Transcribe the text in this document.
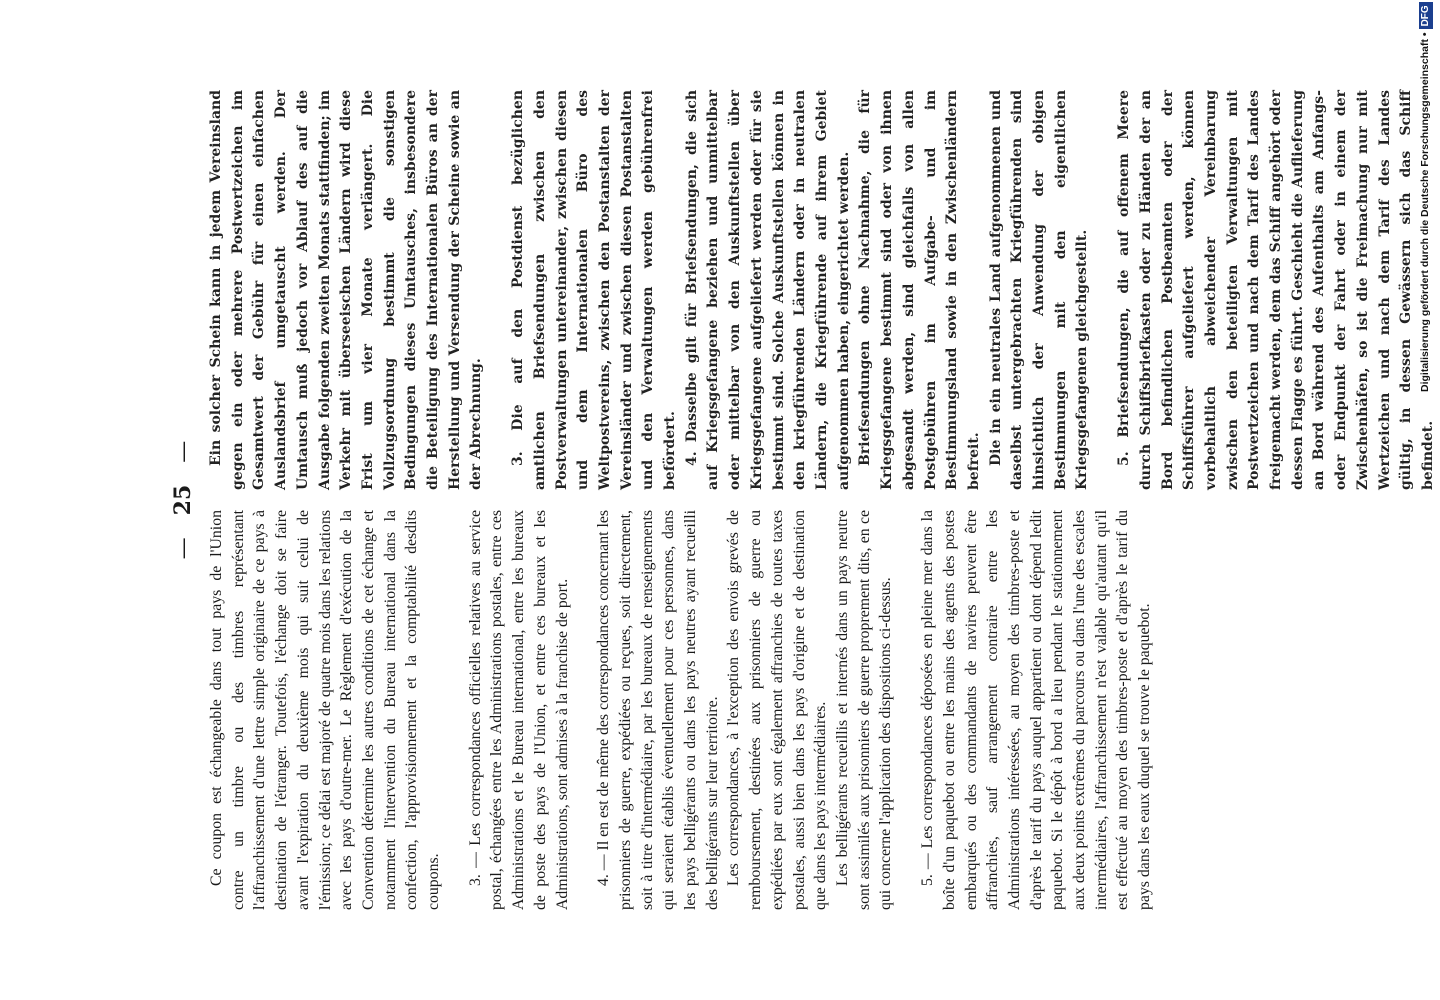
—25—

Ce coupon est échangeable dans tout pays de l'Union contre un timbre ou des timbres représentant l'affranchissement d'une lettre simple originaire de ce pays à destination de l'étranger. Toutefois, l'échange doit se faire avant l'expiration du deuxième mois qui suit celui de l'émission; ce délai est majoré de quatre mois dans les relations avec les pays d'outre-mer. Le Règlement d'exécution de la Convention détermine les autres conditions de cet échange et notamment l'intervention du Bureau international dans la confection, l'approvisionnement et la comptabilité desdits coupons. 3. — Les correspondances officielles relatives au service postal, échangées entre les Administrations postales, entre ces Administrations et le Bureau international, entre les bureaux de poste des pays de l'Union, et entre ces bureaux et les Administrations, sont admises à la franchise de port. 4. — Il en est de même des correspondances concernant les prisonniers de guerre, expédiées ou reçues, soit directement, soit à titre d'intermédiaire, par les bureaux de renseignements qui seraient établis éventuellement pour ces personnes, dans les pays belligérants ou dans les pays neutres ayant recueilli des belligérants sur leur territoire. Les correspondances, à l'exception des envois grevés de remboursement, destinées aux prisonniers de guerre ou expédiées par eux sont également affranchies de toutes taxes postales, aussi bien dans les pays d'origine et de destination que dans les pays intermédiaires. Les belligérants recueillis et internés dans un pays neutre sont assimilés aux prisonniers de guerre proprement dits, en ce qui concerne l'application des dispositions ci-dessus. 5. — Les correspondances déposées en pleine mer dans la boîte d'un paquebot ou entre les mains des agents des postes embarqués ou des commandants de navires peuvent être affranchies, sauf arrangement contraire entre les Administrations intéressées, au moyen des timbres-poste et d'après le tarif du pays auquel appartient ou dont dépend ledit paquebot. Si le dépôt à bord a lieu pendant le stationnement aux deux points extrêmes du parcours ou dans l'une des escales intermédiaires, l'affranchissement n'est valable qu'autant qu'il est effectué au moyen des timbres-poste et d'après le tarif du pays dans les eaux duquel se trouve le paquebot.

Ein solcher Schein kann in jedem Vereinsland gegen ein oder mehrere Postwertzeichen im Gesamtwert der Gebühr für einen einfachen Auslandsbrief umgetauscht werden. Der Umtausch muß jedoch vor Ablauf des auf die Ausgabe folgenden zweiten Monats stattfinden; im Verkehr mit überseeischen Ländern wird diese Frist um vier Monate verlängert. Die Vollzugsordnung bestimmt die sonstigen Bedingungen dieses Umtausches, insbesondere die Beteiligung des Internationalen Büros an der Herstellung und Versendung der Scheine sowie an der Abrechnung. 3. Die auf den Postdienst bezüglichen amtlichen Briefsendungen zwischen den Postverwaltungen untereinander, zwischen diesen und dem Internationalen Büro des Weltpostvereins, zwischen den Postanstalten der Vereinsländer und zwischen diesen Postanstalten und den Verwaltungen werden gebührenfrei befördert. 4. Dasselbe gilt für Briefsendungen, die sich auf Kriegsgefangene beziehen und unmittelbar oder mittelbar von den Auskunftstellen über Kriegsgefangene aufgeliefert werden oder für sie bestimmt sind. Solche Auskunftstellen können in den kriegführenden Ländern oder in neutralen Ländern, die Kriegführende auf ihrem Gebiet aufgenommen haben, eingerichtet werden. Briefsendungen ohne Nachnahme, die für Kriegsgefangene bestimmt sind oder von ihnen abgesandt werden, sind gleichfalls von allen Postgebühren im Aufgabe- und im Bestimmungsland sowie in den Zwischenländern befreit. Die in ein neutrales Land aufgenommenen und daselbst untergebrachten Kriegführenden sind hinsichtlich der Anwendung der obigen Bestimmungen mit den eigentlichen Kriegsgefangenen gleichgestellt. 5. Briefsendungen, die auf offenem Meere durch Schiffsbriefkasten oder zu Händen der an Bord befindlichen Postbeamten oder der Schiffsführer aufgeliefert werden, können vorbehaltlich abweichender Vereinbarung zwischen den beteiligten Verwaltungen mit Postwertzeichen und nach dem Tarif des Landes freigemacht werden, dem das Schiff angehört oder dessen Flagge es führt. Geschieht die Auflieferung an Bord während des Aufenthalts am Anfangs- oder Endpunkt der Fahrt oder in einem der Zwischenhäfen, so ist die Freimachung nur mit Wertzeichen und nach dem Tarif des Landes gültig, in dessen Gewässern sich das Schiff befindet.

Digitalisierung gefördert durch die Deutsche Forschungsgemeinschaft •DFG
